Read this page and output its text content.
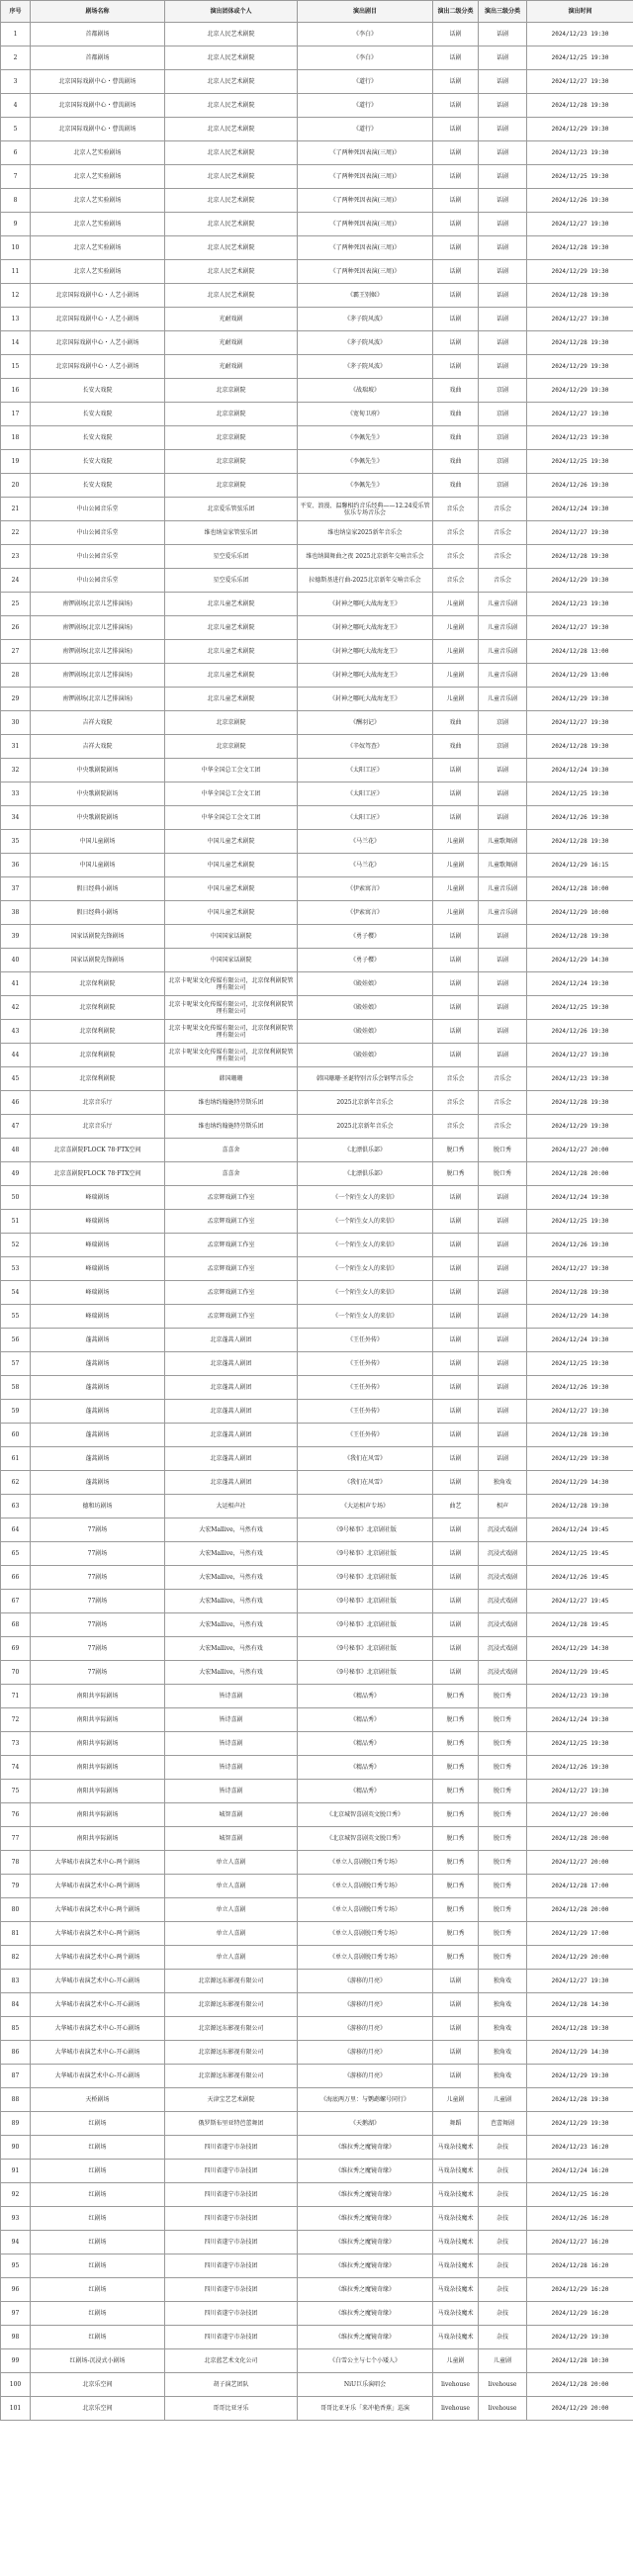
序号	剧场名称	演出团体或个人	演出剧目	演出二级分类	演出三级分类	演出时间
1	首都剧场	北京人民艺术剧院	《李白》	话剧	话剧	2024/12/23 19:30
2	首都剧场	北京人民艺术剧院	《李白》	话剧	话剧	2024/12/25 19:30
3	北京国际戏剧中心・曹禺剧场	北京人民艺术剧院	《道行》	话剧	话剧	2024/12/27 19:30
4	北京国际戏剧中心・曹禺剧场	北京人民艺术剧院	《道行》	话剧	话剧	2024/12/28 19:30
5	北京国际戏剧中心・曹禺剧场	北京人民艺术剧院	《道行》	话剧	话剧	2024/12/29 19:30
6	北京人艺实验剧场	北京人民艺术剧院	《了两种死因表演(三周)》	话剧	话剧	2024/12/23 19:30
7	北京人艺实验剧场	北京人民艺术剧院	《了两种死因表演(三周)》	话剧	话剧	2024/12/25 19:30
8	北京人艺实验剧场	北京人民艺术剧院	《了两种死因表演(三周)》	话剧	话剧	2024/12/26 19:30
9	北京人艺实验剧场	北京人民艺术剧院	《了两种死因表演(三周)》	话剧	话剧	2024/12/27 19:30
10	北京人艺实验剧场	北京人民艺术剧院	《了两种死因表演(三周)》	话剧	话剧	2024/12/28 19:30
11	北京人艺实验剧场	北京人民艺术剧院	《了两种死因表演(三周)》	话剧	话剧	2024/12/29 19:30
12	北京国际戏剧中心・人艺小剧场	北京人民艺术剧院	《霸王别姬》	话剧	话剧	2024/12/28 19:30
13	北京国际戏剧中心・人艺小剧场	光耐戏剧	《茅子院风波》	话剧	话剧	2024/12/27 19:30
14	北京国际戏剧中心・人艺小剧场	光耐戏剧	《茅子院风波》	话剧	话剧	2024/12/28 19:30
15	北京国际戏剧中心・人艺小剧场	光耐戏剧	《茅子院风波》	话剧	话剧	2024/12/29 19:30
16	长安大戏院	北京京剧院	《战瑞坡》	戏曲	京剧	2024/12/29 19:30
17	长安大戏院	北京京剧院	《宽甸卫府》	戏曲	京剧	2024/12/27 19:30
18	长安大戏院	北京京剧院	《李佩先生》	戏曲	京剧	2024/12/23 19:30
19	长安大戏院	北京京剧院	《李佩先生》	戏曲	京剧	2024/12/25 19:30
20	长安大戏院	北京京剧院	《李佩先生》	戏曲	京剧	2024/12/26 19:30
21	中山公园音乐堂	北京爱乐管弦乐团	平安、浪漫、温馨相约音乐经典——12.24爱乐管弦乐专场音乐会	音乐会	音乐会	2024/12/24 19:30
22	中山公园音乐堂	维也纳皇家管弦乐团	维也纳皇家2025新年音乐会	音乐会	音乐会	2024/12/27 19:30
23	中山公园音乐堂	星空爱乐乐团	维也纳圆舞曲之夜 2025北京新年交响音乐会	音乐会	音乐会	2024/12/28 19:30
24	中山公园音乐堂	星空爱乐乐团	拉德斯基进行曲-2025北京新年交响音乐会	音乐会	音乐会	2024/12/29 19:30
25	南锣剧场(北京儿艺排演场)	北京儿童艺术剧院	《封神之哪吒大战海龙王》	儿童剧	儿童音乐剧	2024/12/23 19:30
26	南锣剧场(北京儿艺排演场)	北京儿童艺术剧院	《封神之哪吒大战海龙王》	儿童剧	儿童音乐剧	2024/12/27 19:30
27	南锣剧场(北京儿艺排演场)	北京儿童艺术剧院	《封神之哪吒大战海龙王》	儿童剧	儿童音乐剧	2024/12/28 13:00
28	南锣剧场(北京儿艺排演场)	北京儿童艺术剧院	《封神之哪吒大战海龙王》	儿童剧	儿童音乐剧	2024/12/29 13:00
29	南锣剧场(北京儿艺排演场)	北京儿童艺术剧院	《封神之哪吒大战海龙王》	儿童剧	儿童音乐剧	2024/12/29 19:30
30	吉祥大戏院	北京京剧院	《酬羽记》	戏曲	京剧	2024/12/27 19:30
31	吉祥大戏院	北京京剧院	《辛奴驾查》	戏曲	京剧	2024/12/28 19:30
32	中央歌剧院剧场	中华全国总工会文工团	《太阳工匠》	话剧	话剧	2024/12/24 19:30
33	中央歌剧院剧场	中华全国总工会文工团	《太阳工匠》	话剧	话剧	2024/12/25 19:30
34	中央歌剧院剧场	中华全国总工会文工团	《太阳工匠》	话剧	话剧	2024/12/26 19:30
35	中国儿童剧场	中国儿童艺术剧院	《马兰花》	儿童剧	儿童歌舞剧	2024/12/28 19:30
36	中国儿童剧场	中国儿童艺术剧院	《马兰花》	儿童剧	儿童歌舞剧	2024/12/29 16:15
37	假日经典小剧场	中国儿童艺术剧院	《伊索寓言》	儿童剧	儿童音乐剧	2024/12/28 10:00
38	假日经典小剧场	中国儿童艺术剧院	《伊索寓言》	儿童剧	儿童音乐剧	2024/12/29 10:00
39	国家话剧院先锋剧场	中国国家话剧院	《勇子樱》	话剧	话剧	2024/12/28 19:30
40	国家话剧院先锋剧场	中国国家话剧院	《勇子樱》	话剧	话剧	2024/12/29 14:30
41	北京保利剧院	北京卡呢果文化传媒有限公司，北京保利剧院管理有限公司	《殿娃娘》	话剧	话剧	2024/12/24 19:30
42	北京保利剧院	北京卡呢果文化传媒有限公司，北京保利剧院管理有限公司	《殿娃娘》	话剧	话剧	2024/12/25 19:30
43	北京保利剧院	北京卡呢果文化传媒有限公司，北京保利剧院管理有限公司	《殿娃娘》	话剧	话剧	2024/12/26 19:30
44	北京保利剧院	北京卡呢果文化传媒有限公司，北京保利剧院管理有限公司	《殿娃娘》	话剧	话剧	2024/12/27 19:30
45	北京保利剧院	韩国珊珊	韩国珊珊·圣诞特别音乐会钢琴音乐会	音乐会	音乐会	2024/12/23 19:30
46	北京音乐厅	维也纳约翰施特劳斯乐团	2025北京新年音乐会	音乐会	音乐会	2024/12/28 19:30
47	北京音乐厅	维也纳约翰施特劳斯乐团	2025北京新年音乐会	音乐会	音乐会	2024/12/29 19:30
48	北京喜剧院FLOCK 78·FTX空间	喜喜舍	《北漂俱乐部》	脱口秀	脱口秀	2024/12/27 20:00
49	北京喜剧院FLOCK 78·FTX空间	喜喜舍	《北漂俱乐部》	脱口秀	脱口秀	2024/12/28 20:00
50	峰瑞剧场	孟京辉戏剧工作室	《一个陌生女人的来信》	话剧	话剧	2024/12/24 19:30
51	峰瑞剧场	孟京辉戏剧工作室	《一个陌生女人的来信》	话剧	话剧	2024/12/25 19:30
52	峰瑞剧场	孟京辉戏剧工作室	《一个陌生女人的来信》	话剧	话剧	2024/12/26 19:30
53	峰瑞剧场	孟京辉戏剧工作室	《一个陌生女人的来信》	话剧	话剧	2024/12/27 19:30
54	峰瑞剧场	孟京辉戏剧工作室	《一个陌生女人的来信》	话剧	话剧	2024/12/28 19:30
55	峰瑞剧场	孟京辉戏剧工作室	《一个陌生女人的来信》	话剧	话剧	2024/12/29 14:30
56	蓬蒿剧场	北京蓬蒿人剧团	《王任外传》	话剧	话剧	2024/12/24 19:30
57	蓬蒿剧场	北京蓬蒿人剧团	《王任外传》	话剧	话剧	2024/12/25 19:30
58	蓬蒿剧场	北京蓬蒿人剧团	《王任外传》	话剧	话剧	2024/12/26 19:30
59	蓬蒿剧场	北京蓬蒿人剧团	《王任外传》	话剧	话剧	2024/12/27 19:30
60	蓬蒿剧场	北京蓬蒿人剧团	《王任外传》	话剧	话剧	2024/12/28 19:30
61	蓬蒿剧场	北京蓬蒿人剧团	《我们在风雪》	话剧	话剧	2024/12/29 19:30
62	蓬蒿剧场	北京蓬蒿人剧团	《我们在风雪》	话剧	独角戏	2024/12/29 14:30
63	德和坊剧场	大运相声社	《大运相声专场》	曲艺	相声	2024/12/28 19:30
64	77剧场	大宏Mallive，马然有戏	《9号秘事》北京剧社版	话剧	沉浸式戏剧	2024/12/24 19:45
65	77剧场	大宏Mallive，马然有戏	《9号秘事》北京剧社版	话剧	沉浸式戏剧	2024/12/25 19:45
66	77剧场	大宏Mallive，马然有戏	《9号秘事》北京剧社版	话剧	沉浸式戏剧	2024/12/26 19:45
67	77剧场	大宏Mallive，马然有戏	《9号秘事》北京剧社版	话剧	沉浸式戏剧	2024/12/27 19:45
68	77剧场	大宏Mallive，马然有戏	《9号秘事》北京剧社版	话剧	沉浸式戏剧	2024/12/28 19:45
69	77剧场	大宏Mallive，马然有戏	《9号秘事》北京剧社版	话剧	沉浸式戏剧	2024/12/29 14:30
70	77剧场	大宏Mallive，马然有戏	《9号秘事》北京剧社版	话剧	沉浸式戏剧	2024/12/29 19:45
71	南阳共享际剧场	皆诗喜剧	《精品秀》	脱口秀	脱口秀	2024/12/23 19:30
72	南阳共享际剧场	皆诗喜剧	《精品秀》	脱口秀	脱口秀	2024/12/24 19:30
73	南阳共享际剧场	皆诗喜剧	《精品秀》	脱口秀	脱口秀	2024/12/25 19:30
74	南阳共享际剧场	皆诗喜剧	《精品秀》	脱口秀	脱口秀	2024/12/26 19:30
75	南阳共享际剧场	皆诗喜剧	《精品秀》	脱口秀	脱口秀	2024/12/27 19:30
76	南阳共享际剧场	城智喜剧	《北京城智喜剧英文脱口秀》	脱口秀	脱口秀	2024/12/27 20:00
77	南阳共享际剧场	城智喜剧	《北京城智喜剧英文脱口秀》	脱口秀	脱口秀	2024/12/28 20:00
78	大华城市表演艺术中心-两个剧场	单立人喜剧	《单立人喜剧脱口秀专场》	脱口秀	脱口秀	2024/12/27 20:00
79	大华城市表演艺术中心-两个剧场	单立人喜剧	《单立人喜剧脱口秀专场》	脱口秀	脱口秀	2024/12/28 17:00
80	大华城市表演艺术中心-两个剧场	单立人喜剧	《单立人喜剧脱口秀专场》	脱口秀	脱口秀	2024/12/28 20:00
81	大华城市表演艺术中心-两个剧场	单立人喜剧	《单立人喜剧脱口秀专场》	脱口秀	脱口秀	2024/12/29 17:00
82	大华城市表演艺术中心-两个剧场	单立人喜剧	《单立人喜剧脱口秀专场》	脱口秀	脱口秀	2024/12/29 20:00
83	大华城市表演艺术中心-开心剧场	北京源远东影视有限公司	《游移的月亮》	话剧	独角戏	2024/12/27 19:30
84	大华城市表演艺术中心-开心剧场	北京源远东影视有限公司	《游移的月亮》	话剧	独角戏	2024/12/28 14:30
85	大华城市表演艺术中心-开心剧场	北京源远东影视有限公司	《游移的月亮》	话剧	独角戏	2024/12/28 19:30
86	大华城市表演艺术中心-开心剧场	北京源远东影视有限公司	《游移的月亮》	话剧	独角戏	2024/12/29 14:30
87	大华城市表演艺术中心-开心剧场	北京源远东影视有限公司	《游移的月亮》	话剧	独角戏	2024/12/29 19:30
88	天桥剧场	天津宝艺艺术剧院	《海底两万里：与鹦鹉螺号同行》	儿童剧	儿童剧	2024/12/28 19:30
89	红剧场	俄罗斯布里亚特芭蕾舞团	《天鹅湖》	舞蹈	芭蕾舞剧	2024/12/29 19:30
90	红剧场	四川省遂宁市杂技团	《维拉秀之魔镜奇缘》	马戏杂技魔术	杂技	2024/12/23 16:20
91	红剧场	四川省遂宁市杂技团	《维拉秀之魔镜奇缘》	马戏杂技魔术	杂技	2024/12/24 16:20
92	红剧场	四川省遂宁市杂技团	《维拉秀之魔镜奇缘》	马戏杂技魔术	杂技	2024/12/25 16:20
93	红剧场	四川省遂宁市杂技团	《维拉秀之魔镜奇缘》	马戏杂技魔术	杂技	2024/12/26 16:20
94	红剧场	四川省遂宁市杂技团	《维拉秀之魔镜奇缘》	马戏杂技魔术	杂技	2024/12/27 16:20
95	红剧场	四川省遂宁市杂技团	《维拉秀之魔镜奇缘》	马戏杂技魔术	杂技	2024/12/28 16:20
96	红剧场	四川省遂宁市杂技团	《维拉秀之魔镜奇缘》	马戏杂技魔术	杂技	2024/12/29 16:20
97	红剧场	四川省遂宁市杂技团	《维拉秀之魔镜奇缘》	马戏杂技魔术	杂技	2024/12/29 16:20
98	红剧场	四川省遂宁市杂技团	《维拉秀之魔镜奇缘》	马戏杂技魔术	杂技	2024/12/29 19:30
99	红剧场-沉浸式小剧场	北京蓝艺术文化公司	《白雪公主与七个小矮人》	儿童剧	儿童剧	2024/12/28 10:30
100	北京乐空间	胡子演艺团队	NiU巨乐演唱会	livehouse	livehouse	2024/12/28 20:00
101	北京乐空间	哥哥比亚牙乐	哥哥比亚牙乐「来冲艳香蕉」巡演	livehouse	livehouse	2024/12/29 20:00
